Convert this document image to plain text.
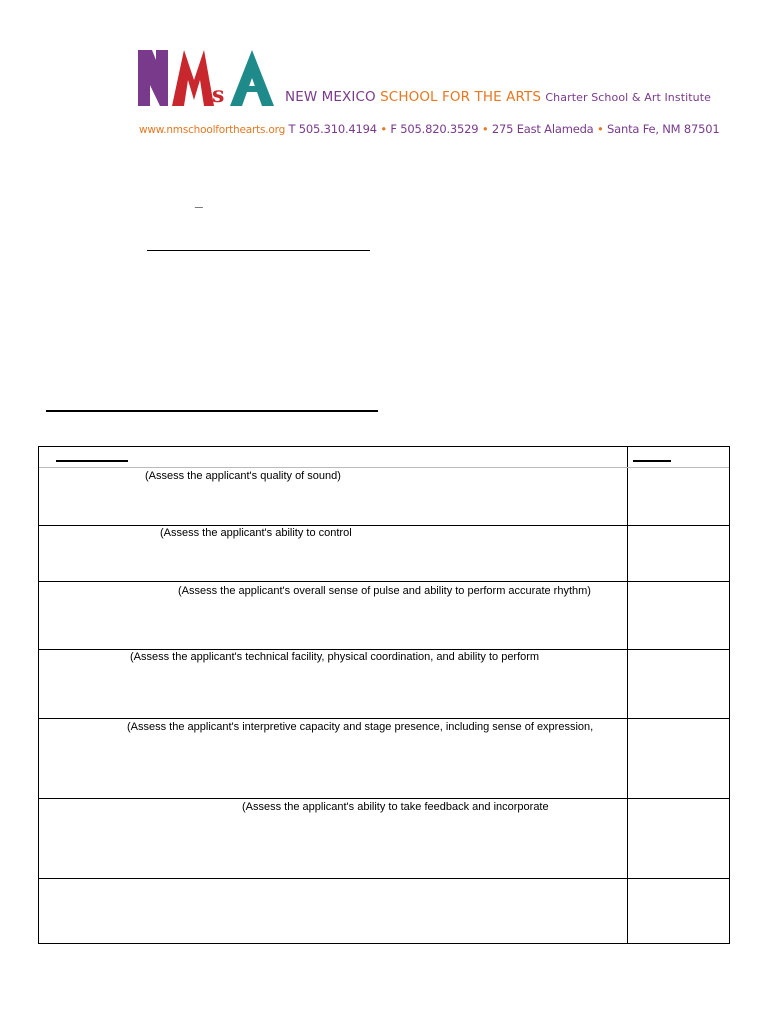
s	NEW MEXICO SCHOOL FOR THE ARTS Charter School & Art Institute
www.nmschoolforthearts.org T 505.310.4194 • F 505.820.3529 • 275 East Alameda • Santa Fe, NM 87501
_
(Assess the applicant's quality of sound)
(Assess the applicant's ability to control
(Assess the applicant's overall sense of pulse and ability to perform accurate rhythm)
(Assess the applicant's technical facility, physical coordination, and ability to perform
(Assess the applicant's interpretive capacity and stage presence, including sense of expression,
(Assess the applicant's ability to take feedback and incorporate
